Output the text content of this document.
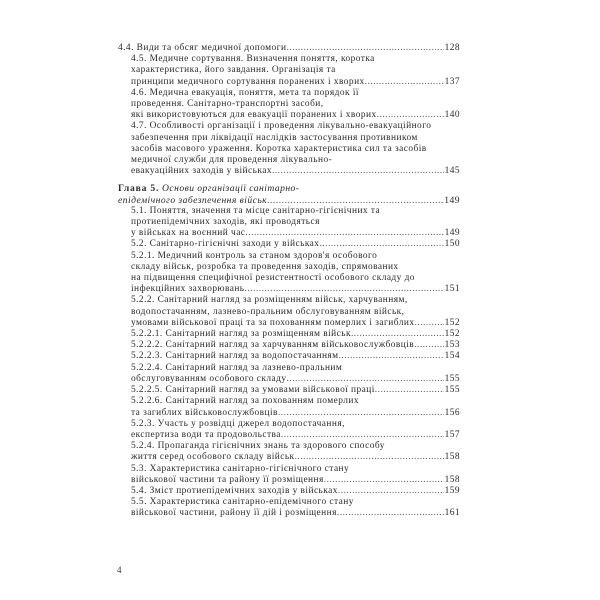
4.4. Види та обсяг медичної допомоги .....	128
4.5. Медичне сортування. Визначення поняття, коротка
характеристика, його завдання. Організація та
принципи медичного сортування поранених і хворих .....	137
4.6. Медична евакуація, поняття, мета та порядок її
проведення. Санітарно-транспортні засоби,
які використовуються для евакуації поранених і хворих .....	140
4.7. Особливості організації і проведення лікувально-евакуаційного
забезпечення при ліквідації наслідків застосування противником
засобів масового ураження. Коротка характеристика сил та засобів
медичної служби для проведення лікувально-
евакуаційних заходів у військах .....	145
Глава 5. Основи організації санітарно-
епідемічного забезпечення військ .....	149
5.1. Поняття, значення та місце санітарно-гігієнічних та
протиепідемічних заходів, які проводяться
у військах на воєнний час .....	149
5.2. Санітарно-гігієнічні заходи у військах .....	150
5.2.1. Медичний контроль за станом здоров'я особового
складу військ, розробка та проведення заходів, спрямованих
на підвищення специфічної резистентності особового складу до
інфекційних захворювань .....	151
5.2.2. Санітарний нагляд за розміщенням військ, харчуванням,
водопостачанням, лазнево-пральним обслуговуванням військ,
умовами військової праці та за похованням померлих і загиблих .....	152
5.2.2.1. Санітарний нагляд за розміщенням військ .....	152
5.2.2.2. Санітарний нагляд за харчуванням військовослужбовців .....	153
5.2.2.3. Санітарний нагляд за водопостачанням .....	154
5.2.2.4. Санітарний нагляд за лазнево-пральним
обслуговуванням особового складу .....	155
5.2.2.5. Санітарний нагляд за умовами військової праці .....	155
5.2.2.6. Санітарний нагляд за похованням померлих
та загиблих військовослужбовців .....	156
5.2.3. Участь у розвідці джерел водопостачання,
експертиза води та продовольства .....	157
5.2.4. Пропаганда гігієнічних знань та здорового способу
життя серед особового складу військ .....	158
5.3. Характеристика санітарно-гігієнічного стану
військової частини та району її розміщення .....	158
5.4. Зміст протиепідемічних заходів у військах .....	159
5.5. Характеристика санітарно-епідемічного стану
військової частини, району її дій і розміщення .....	161
4
